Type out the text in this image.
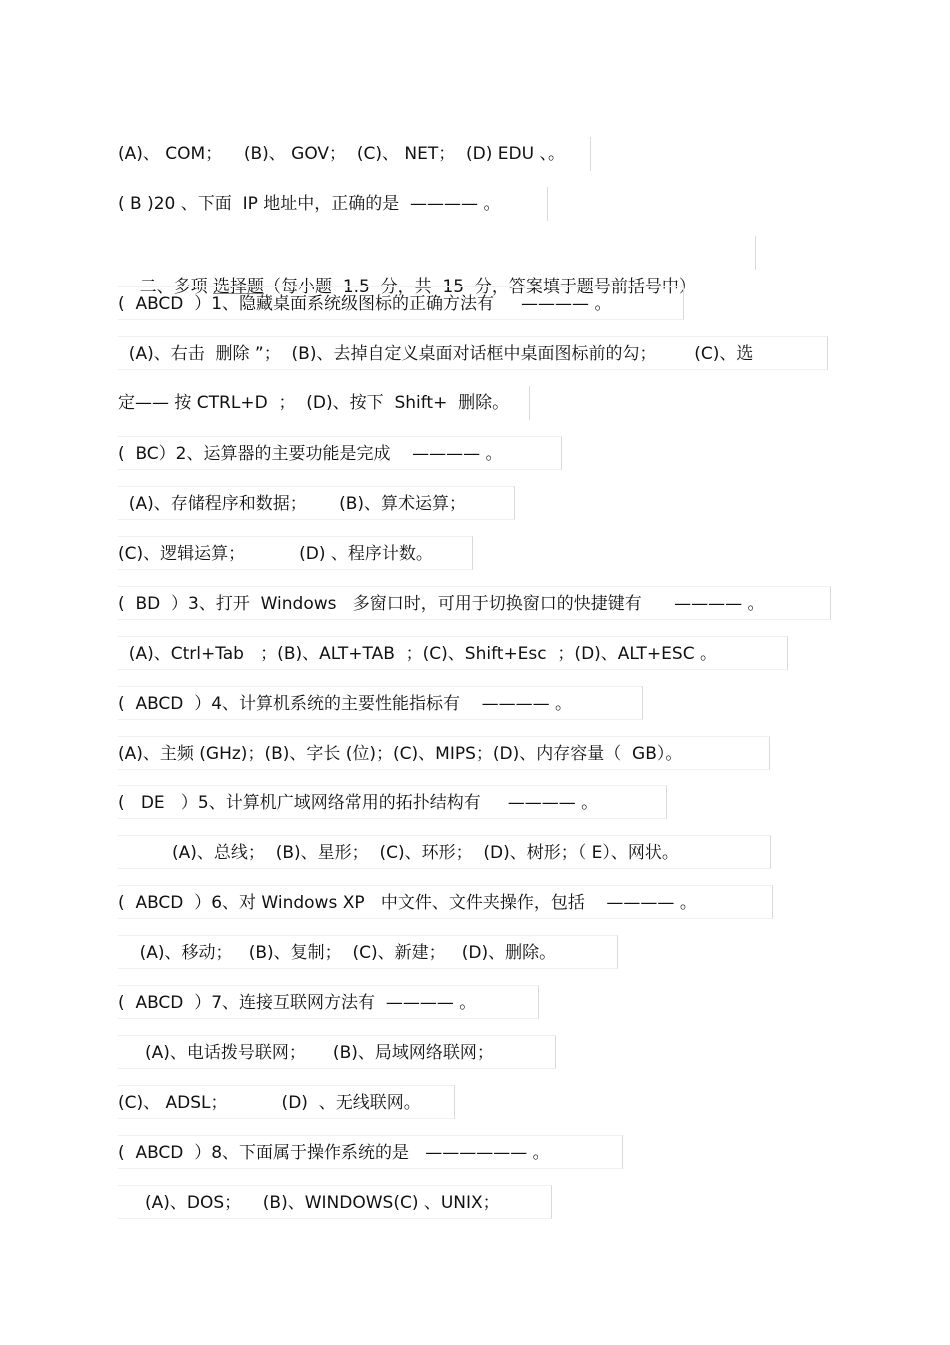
(A)、 COM；    (B)、 GOV；  (C)、 NET；  (D) EDU 、。
( B )20 、下面  IP 地址中，正确的是  ———— 。

二、多项 选择题（每小题  1.5  分，共  15  分，答案填于题号前括号中）

(  ABCD  ）1、隐藏桌面系统级图标的正确方法有     ———— 。
(A)、右击  删除 ”；  (B)、去掉自定义桌面对话框中桌面图标前的勾；       (C)、选
定—— 按 CTRL+D  ；  (D)、按下  Shift+  删除。
(  BC）2、运算器的主要功能是完成    ———— 。
(A)、存储程序和数据；      (B)、算术运算；
(C)、逻辑运算；          (D) 、程序计数。
(  BD  ）3、打开  Windows   多窗口时，可用于切换窗口的快捷键有      ———— 。
(A)、Ctrl+Tab   ；(B)、ALT+TAB  ；(C)、Shift+Esc  ；(D)、ALT+ESC 。
(  ABCD  ）4、计算机系统的主要性能指标有    ———— 。
(A)、主频 (GHz)；(B)、字长 (位)；(C)、MIPS；(D)、内存容量（  GB）。
(   DE   ）5、计算机广域网络常用的拓扑结构有     ———— 。
(A)、总线；  (B)、星形；  (C)、环形；  (D)、树形；（ E）、网状。
(  ABCD  ）6、对 Windows XP   中文件、文件夹操作，包括    ———— 。
(A)、移动；   (B)、复制；  (C)、新建；   (D)、删除。
(  ABCD  ）7、连接互联网方法有  ———— 。
(A)、电话拨号联网；     (B)、局域网络联网；
(C)、 ADSL；          (D)  、无线联网。
(  ABCD  ）8、下面属于操作系统的是   —————— 。
(A)、DOS；    (B)、WINDOWS(C) 、UNIX；
